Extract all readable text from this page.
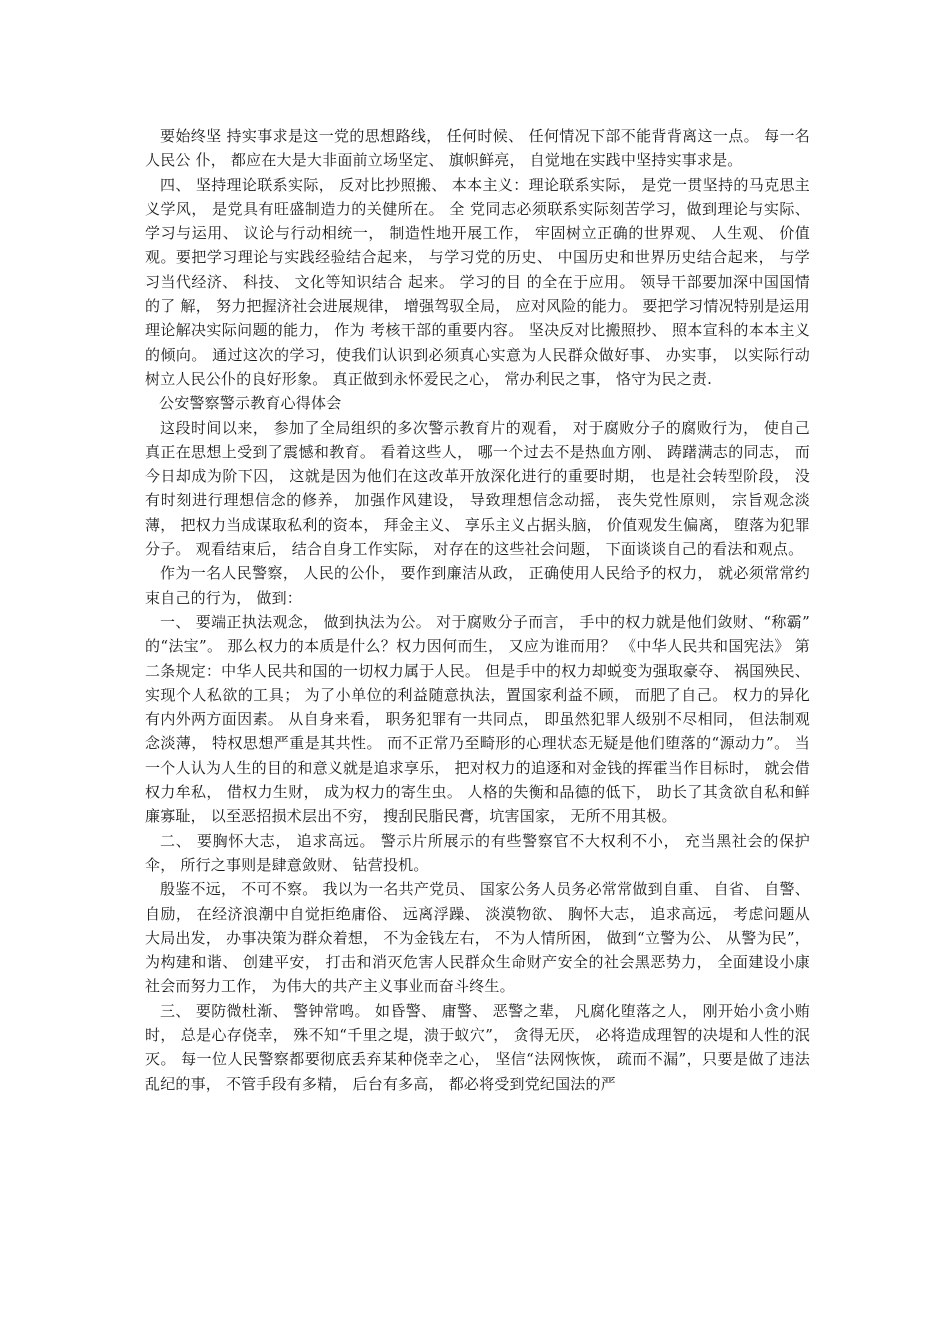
要始终坚 持实事求是这一党的思想路线， 任何时候、 任何情况下部不能背背离这一点。 每一名人民公 仆， 都应在大是大非面前立场坚定、 旗帜鲜亮， 自觉地在实践中坚持实事求是。

四、 坚持理论联系实际， 反对比抄照搬、 本本主义：理论联系实际， 是党一贯坚持的马克思主义学风， 是党具有旺盛制造力的关健所在。 全 党同志必须联系实际刻苦学习，做到理论与实际、 学习与运用、 议论与行动相统一， 制造性地开展工作， 牢固树立正确的世界观、 人生观、 价值观。要把学习理论与实践经验结合起来， 与学习党的历史、 中国历史和世界历史结合起来， 与学习当代经济、 科技、 文化等知识结合 起来。 学习的目 的全在于应用。 领导干部要加深中国国情的了 解， 努力把握济社会进展规律， 增强驾驭全局， 应对风险的能力。 要把学习情况特别是运用理论解决实际问题的能力， 作为 考核干部的重要内容。 坚决反对比搬照抄、 照本宣科的本本主义的倾向。 通过这次的学习，使我们认识到必须真心实意为人民群众做好事、 办实事， 以实际行动 树立人民公仆的良好形象。 真正做到永怀爱民之心， 常办利民之事， 恪守为民之责.

公安警察警示教育心得体会

这段时间以来， 参加了全局组织的多次警示教育片的观看， 对于腐败分子的腐败行为， 使自己真正在思想上受到了震憾和教育。 看着这些人， 哪一个过去不是热血方刚、 踌躇满志的同志， 而今日却成为阶下囚， 这就是因为他们在这改革开放深化进行的重要时期， 也是社会转型阶段， 没有时刻进行理想信念的修养， 加强作风建设， 导致理想信念动摇， 丧失党性原则， 宗旨观念淡薄， 把权力当成谋取私利的资本， 拜金主义、 享乐主义占据头脑， 价值观发生偏离， 堕落为犯罪分子。 观看结束后， 结合自身工作实际， 对存在的这些社会问题， 下面谈谈自己的看法和观点。

作为一名人民警察， 人民的公仆， 要作到廉洁从政， 正确使用人民给予的权力， 就必须常常约束自己的行为， 做到：

一、 要端正执法观念， 做到执法为公。 对于腐败分子而言， 手中的权力就是他们敛财、“称霸” 的“法宝”。 那么权力的本质是什么？权力因何而生， 又应为谁而用？ 《中华人民共和国宪法》 第二条规定：中华人民共和国的一切权力属于人民。 但是手中的权力却蜕变为强取豪夺、 祸国殃民、 实现个人私欲的工具； 为了小单位的利益随意执法，置国家利益不顾， 而肥了自己。 权力的异化有内外两方面因素。 从自身来看， 职务犯罪有一共同点， 即虽然犯罪人级别不尽相同， 但法制观念淡薄， 特权思想严重是其共性。 而不正常乃至畸形的心理状态无疑是他们堕落的“源动力”。 当一个人认为人生的目的和意义就是追求享乐， 把对权力的追逐和对金钱的挥霍当作目标时， 就会借权力牟私， 借权力生财， 成为权力的寄生虫。 人格的失衡和品德的低下， 助长了其贪欲自私和鲜廉寡耻， 以至恶招损术层出不穷， 搜刮民脂民膏，坑害国家， 无所不用其极。

二、 要胸怀大志， 追求高远。 警示片所展示的有些警察官不大权利不小， 充当黑社会的保护伞， 所行之事则是肆意敛财、 钻营投机。

殷鉴不远， 不可不察。 我以为一名共产党员、 国家公务人员务必常常做到自重、 自省、 自警、 自励， 在经济浪潮中自觉拒绝庸俗、 远离浮躁、 淡漠物欲、 胸怀大志， 追求高远， 考虑问题从大局出发， 办事决策为群众着想， 不为金钱左右， 不为人情所困， 做到“立警为公、 从警为民”， 为构建和谐、 创建平安， 打击和消灭危害人民群众生命财产安全的社会黑恶势力， 全面建设小康社会而努力工作， 为伟大的共产主义事业而奋斗终生。

三、 要防微杜渐、 警钟常鸣。 如昏警、 庸警、 恶警之辈， 凡腐化堕落之人， 刚开始小贪小贿时， 总是心存侥幸， 殊不知“千里之堤，溃于蚁穴”， 贪得无厌， 必将造成理智的决堤和人性的泯灭。 每一位人民警察都要彻底丢弃某种侥幸之心， 坚信“法网恢恢， 疏而不漏”，只要是做了违法乱纪的事， 不管手段有多精， 后台有多高， 都必将受到党纪国法的严
